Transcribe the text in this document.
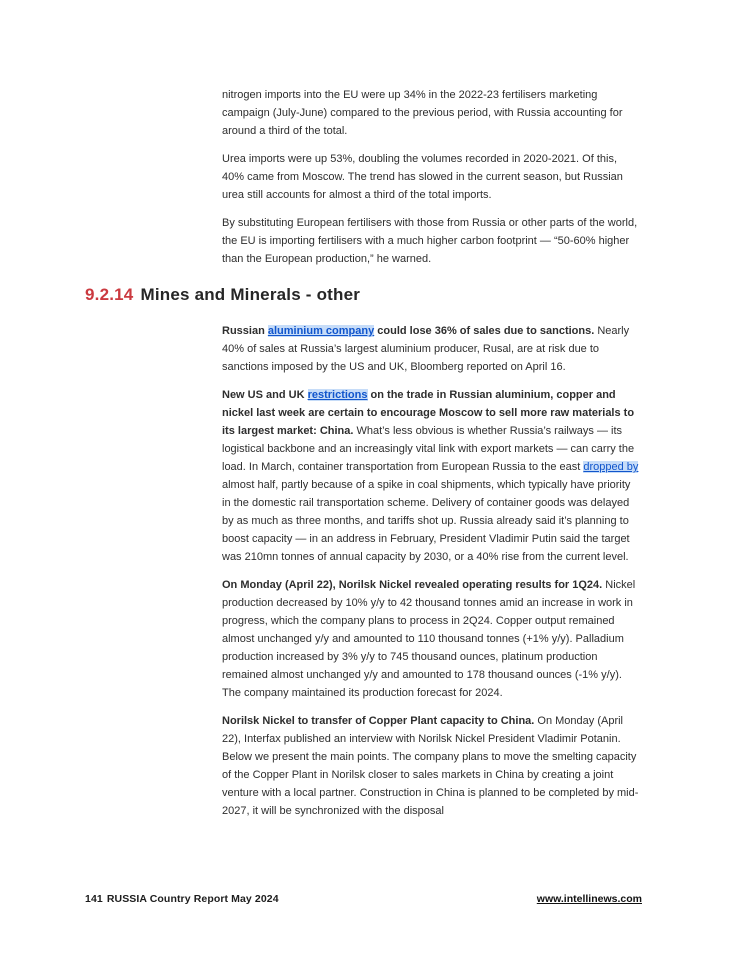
nitrogen imports into the EU were up 34% in the 2022-23 fertilisers marketing campaign (July-June) compared to the previous period, with Russia accounting for around a third of the total.

Urea imports were up 53%, doubling the volumes recorded in 2020-2021. Of this, 40% came from Moscow. The trend has slowed in the current season, but Russian urea still accounts for almost a third of the total imports.

By substituting European fertilisers with those from Russia or other parts of the world, the EU is importing fertilisers with a much higher carbon footprint — “50-60% higher than the European production,” he warned.

9.2.14 Mines and Minerals - other

Russian aluminium company could lose 36% of sales due to sanctions. Nearly 40% of sales at Russia’s largest aluminium producer, Rusal, are at risk due to sanctions imposed by the US and UK, Bloomberg reported on April 16.

New US and UK restrictions on the trade in Russian aluminium, copper and nickel last week are certain to encourage Moscow to sell more raw materials to its largest market: China. What’s less obvious is whether Russia’s railways — its logistical backbone and an increasingly vital link with export markets — can carry the load. In March, container transportation from European Russia to the east dropped by almost half, partly because of a spike in coal shipments, which typically have priority in the domestic rail transportation scheme. Delivery of container goods was delayed by as much as three months, and tariffs shot up. Russia already said it’s planning to boost capacity — in an address in February, President Vladimir Putin said the target was 210mn tonnes of annual capacity by 2030, or a 40% rise from the current level.

On Monday (April 22), Norilsk Nickel revealed operating results for 1Q24. Nickel production decreased by 10% y/y to 42 thousand tonnes amid an increase in work in progress, which the company plans to process in 2Q24. Copper output remained almost unchanged y/y and amounted to 110 thousand tonnes (+1% y/y). Palladium production increased by 3% y/y to 745 thousand ounces, platinum production remained almost unchanged y/y and amounted to 178 thousand ounces (-1% y/y). The company maintained its production forecast for 2024.

Norilsk Nickel to transfer of Copper Plant capacity to China. On Monday (April 22), Interfax published an interview with Norilsk Nickel President Vladimir Potanin. Below we present the main points. The company plans to move the smelting capacity of the Copper Plant in Norilsk closer to sales markets in China by creating a joint venture with a local partner. Construction in China is planned to be completed by mid-2027, it will be synchronized with the disposal

141 RUSSIA Country Report May 2024	www.intellinews.com
